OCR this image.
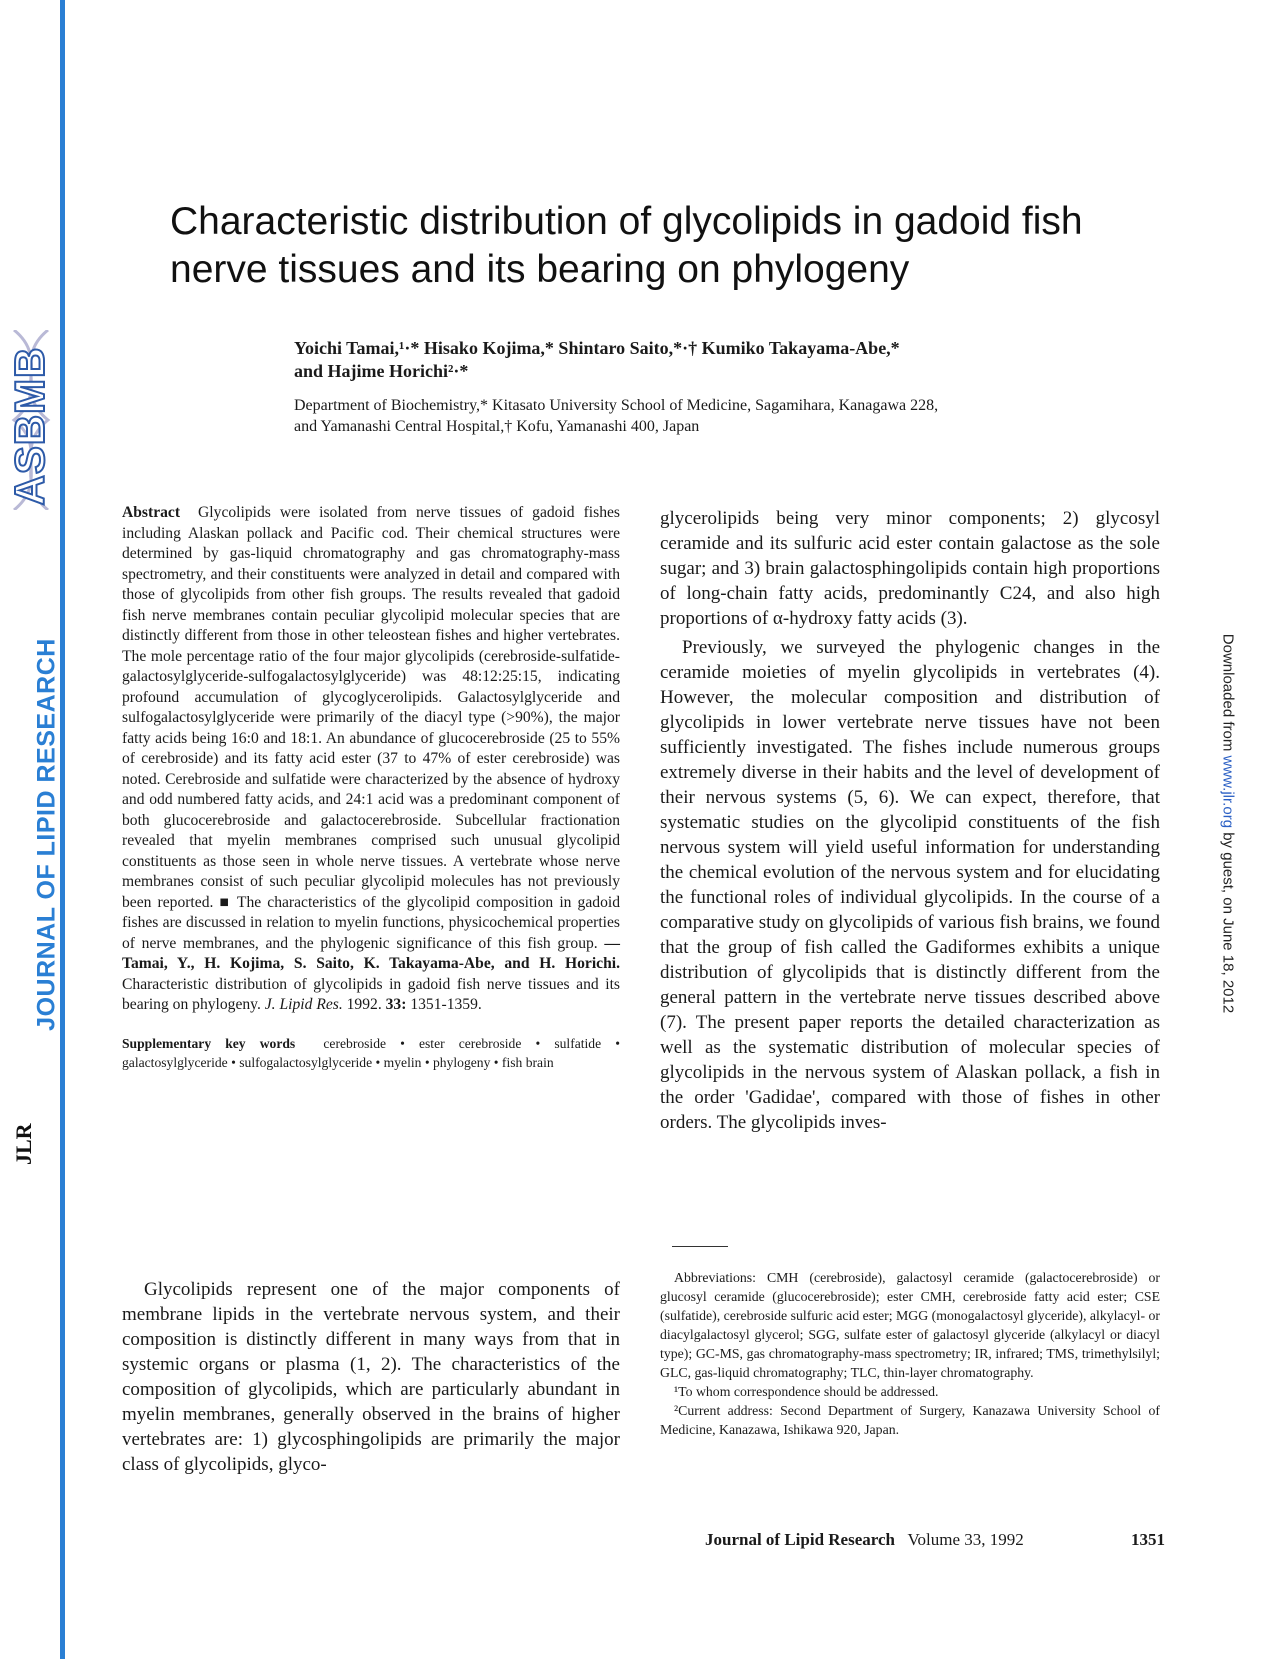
ASBMB
JOURNAL OF LIPID RESEARCH
JLR
Downloaded from www.jlr.org by guest, on June 18, 2012
Characteristic distribution of glycolipids in gadoid fish nerve tissues and its bearing on phylogeny
Yoichi Tamai,¹·* Hisako Kojima,* Shintaro Saito,*·† Kumiko Takayama-Abe,*
and Hajime Horichi²·*
Department of Biochemistry,* Kitasato University School of Medicine, Sagamihara, Kanagawa 228,
and Yamanashi Central Hospital,† Kofu, Yamanashi 400, Japan

Abstract Glycolipids were isolated from nerve tissues of gadoid fishes including Alaskan pollack and Pacific cod. Their chemical structures were determined by gas-liquid chromatography and gas chromatography-mass spectrometry, and their constituents were analyzed in detail and compared with those of glycolipids from other fish groups. The results revealed that gadoid fish nerve membranes contain peculiar glycolipid molecular species that are distinctly different from those in other teleostean fishes and higher vertebrates. The mole percentage ratio of the four major glycolipids (cerebroside-sulfatide-galactosylglyceride-sulfogalactosylglyceride) was 48:12:25:15, indicating profound accumulation of glycoglycerolipids. Galactosylglyceride and sulfogalactosylglyceride were primarily of the diacyl type (>90%), the major fatty acids being 16:0 and 18:1. An abundance of glucocerebroside (25 to 55% of cerebroside) and its fatty acid ester (37 to 47% of ester cerebroside) was noted. Cerebroside and sulfatide were characterized by the absence of hydroxy and odd numbered fatty acids, and 24:1 acid was a predominant component of both glucocerebroside and galactocerebroside. Subcellular fractionation revealed that myelin membranes comprised such unusual glycolipid constituents as those seen in whole nerve tissues. A vertebrate whose nerve membranes consist of such peculiar glycolipid molecules has not previously been reported. ■ The characteristics of the glycolipid composition in gadoid fishes are discussed in relation to myelin functions, physicochemical properties of nerve membranes, and the phylogenic significance of this fish group. —Tamai, Y., H. Kojima, S. Saito, K. Takayama-Abe, and H. Horichi. Characteristic distribution of glycolipids in gadoid fish nerve tissues and its bearing on phylogeny. J. Lipid Res. 1992. 33: 1351-1359.

Supplementary key words cerebroside • ester cerebroside • sulfatide • galactosylglyceride • sulfogalactosylglyceride • myelin • phylogeny • fish brain

Glycolipids represent one of the major components of membrane lipids in the vertebrate nervous system, and their composition is distinctly different in many ways from that in systemic organs or plasma (1, 2). The characteristics of the composition of glycolipids, which are particularly abundant in myelin membranes, generally observed in the brains of higher vertebrates are: 1) glycosphingolipids are primarily the major class of glycolipids, glyco-

glycerolipids being very minor components; 2) glycosyl ceramide and its sulfuric acid ester contain galactose as the sole sugar; and 3) brain galactosphingolipids contain high proportions of long-chain fatty acids, predominantly C24, and also high proportions of α-hydroxy fatty acids (3).

Previously, we surveyed the phylogenic changes in the ceramide moieties of myelin glycolipids in vertebrates (4). However, the molecular composition and distribution of glycolipids in lower vertebrate nerve tissues have not been sufficiently investigated. The fishes include numerous groups extremely diverse in their habits and the level of development of their nervous systems (5, 6). We can expect, therefore, that systematic studies on the glycolipid constituents of the fish nervous system will yield useful information for understanding the chemical evolution of the nervous system and for elucidating the functional roles of individual glycolipids. In the course of a comparative study on glycolipids of various fish brains, we found that the group of fish called the Gadiformes exhibits a unique distribution of glycolipids that is distinctly different from the general pattern in the vertebrate nerve tissues described above (7). The present paper reports the detailed characterization as well as the systematic distribution of molecular species of glycolipids in the nervous system of Alaskan pollack, a fish in the order 'Gadidae', compared with those of fishes in other orders. The glycolipids inves-

Abbreviations: CMH (cerebroside), galactosyl ceramide (galactocerebroside) or glucosyl ceramide (glucocerebroside); ester CMH, cerebroside fatty acid ester; CSE (sulfatide), cerebroside sulfuric acid ester; MGG (monogalactosyl glyceride), alkylacyl- or diacylgalactosyl glycerol; SGG, sulfate ester of galactosyl glyceride (alkylacyl or diacyl type); GC-MS, gas chromatography-mass spectrometry; IR, infrared; TMS, trimethylsilyl; GLC, gas-liquid chromatography; TLC, thin-layer chromatography.

¹To whom correspondence should be addressed.

²Current address: Second Department of Surgery, Kanazawa University School of Medicine, Kanazawa, Ishikawa 920, Japan.

Journal of Lipid Research Volume 33, 1992	1351
